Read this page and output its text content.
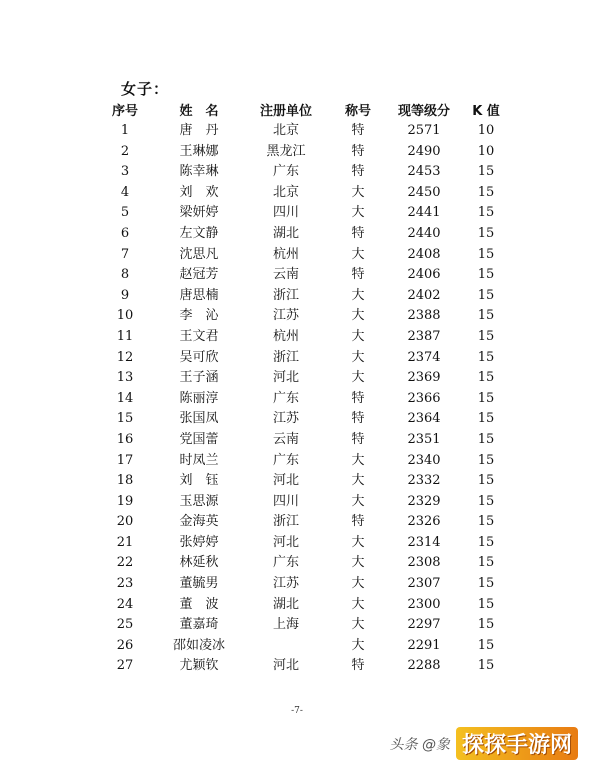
女子：
序号	姓　名	注册单位	称号	现等级分	K 值
1	唐　丹	北京	特	2571	10
2	王琳娜	黑龙江	特	2490	10
3	陈幸琳	广东	特	2453	15
4	刘　欢	北京	大	2450	15
5	梁妍婷	四川	大	2441	15
6	左文静	湖北	特	2440	15
7	沈思凡	杭州	大	2408	15
8	赵冠芳	云南	特	2406	15
9	唐思楠	浙江	大	2402	15
10	李　沁	江苏	大	2388	15
11	王文君	杭州	大	2387	15
12	吴可欣	浙江	大	2374	15
13	王子涵	河北	大	2369	15
14	陈丽淳	广东	特	2366	15
15	张国凤	江苏	特	2364	15
16	党国蕾	云南	特	2351	15
17	时凤兰	广东	大	2340	15
18	刘　钰	河北	大	2332	15
19	玉思源	四川	大	2329	15
20	金海英	浙江	特	2326	15
21	张婷婷	河北	大	2314	15
22	林延秋	广东	大	2308	15
23	董毓男	江苏	大	2307	15
24	董　波	湖北	大	2300	15
25	董嘉琦	上海	大	2297	15
26	邵如凌冰		大	2291	15
27	尤颖钦	河北	特	2288	15
-7-
头条 @象 探探手游网
